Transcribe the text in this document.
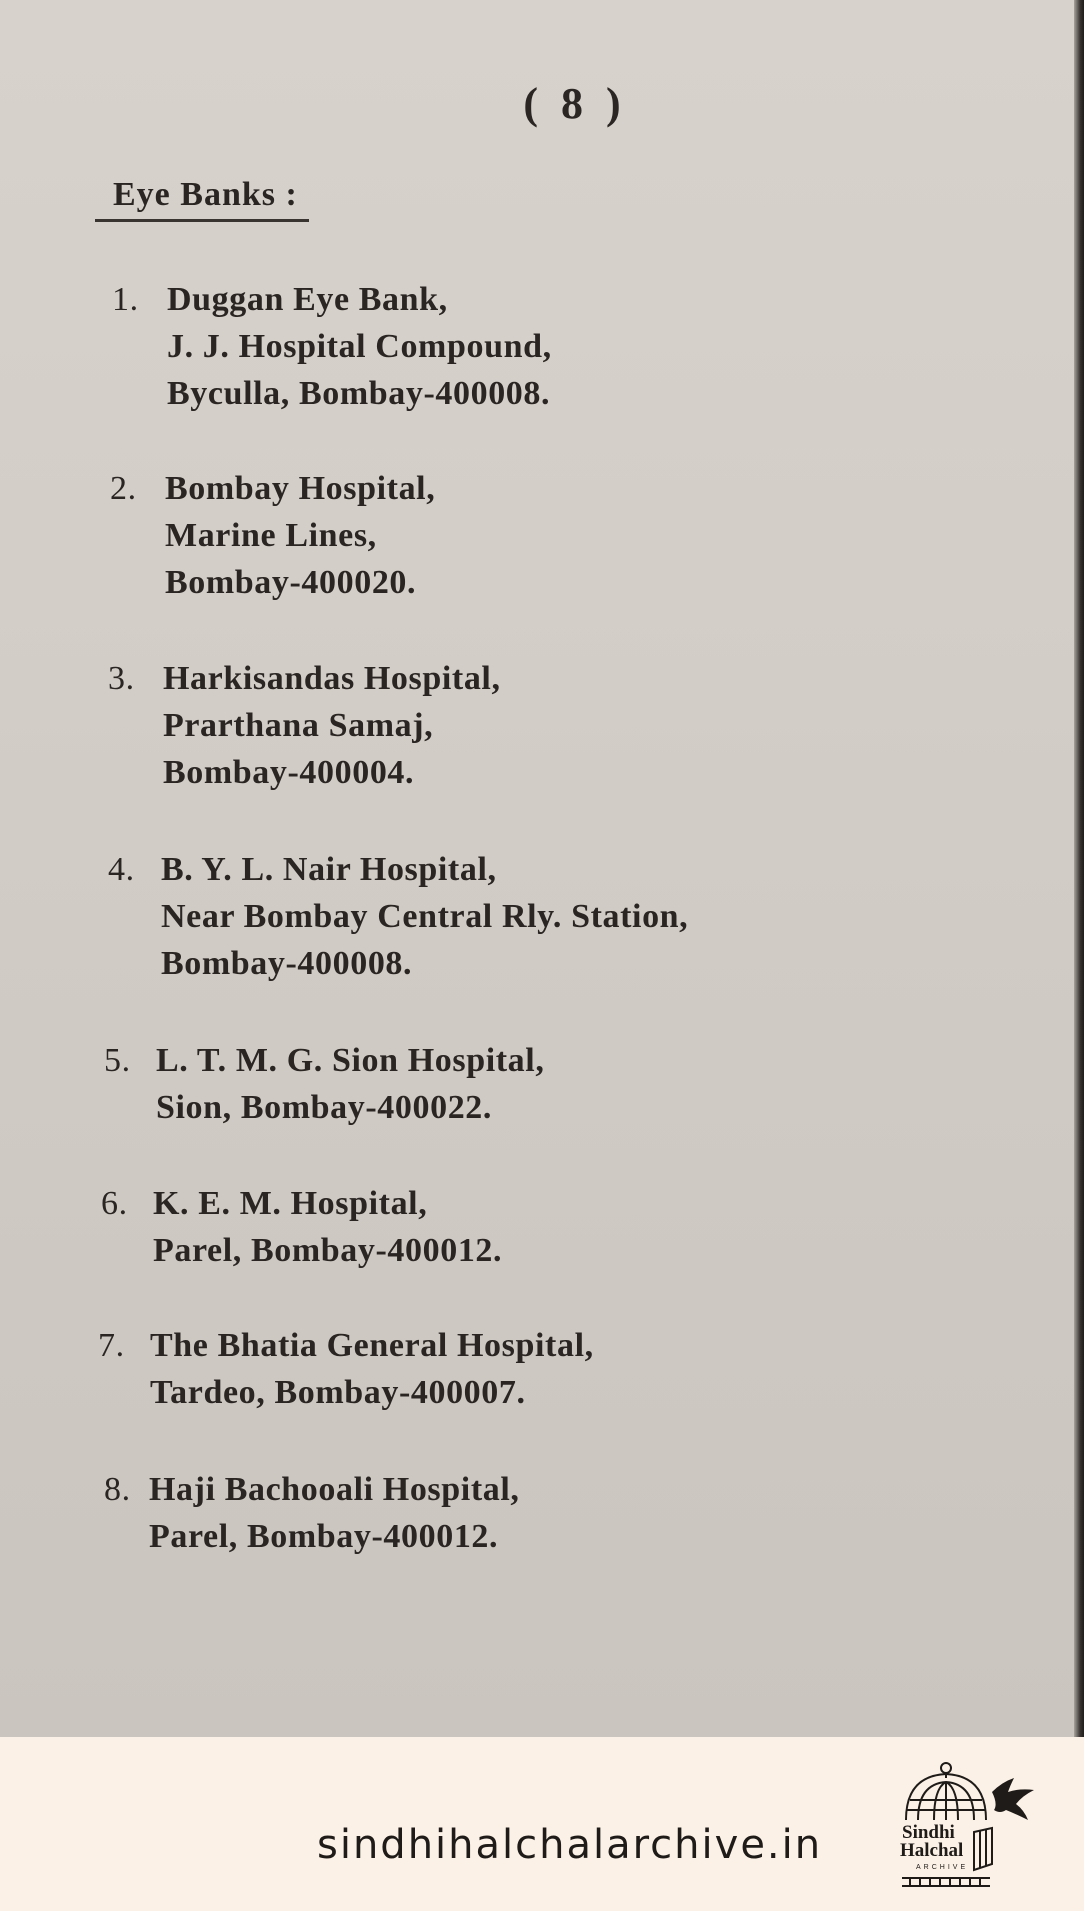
( 8 )
Eye Banks :
1. Duggan Eye Bank,
J. J. Hospital Compound,
Byculla, Bombay-400008.
2. Bombay Hospital,
Marine Lines,
Bombay-400020.
3. Harkisandas Hospital,
Prarthana Samaj,
Bombay-400004.
4. B. Y. L. Nair Hospital,
Near Bombay Central Rly. Station,
Bombay-400008.
5. L. T. M. G. Sion Hospital,
Sion, Bombay-400022.
6. K. E. M. Hospital,
Parel, Bombay-400012.
7. The Bhatia General Hospital,
Tardeo, Bombay-400007.
8. Haji Bachooali Hospital,
Parel, Bombay-400012.
sindhihalchalarchive.in	Sindhi
Halchal
ARCHIVE
